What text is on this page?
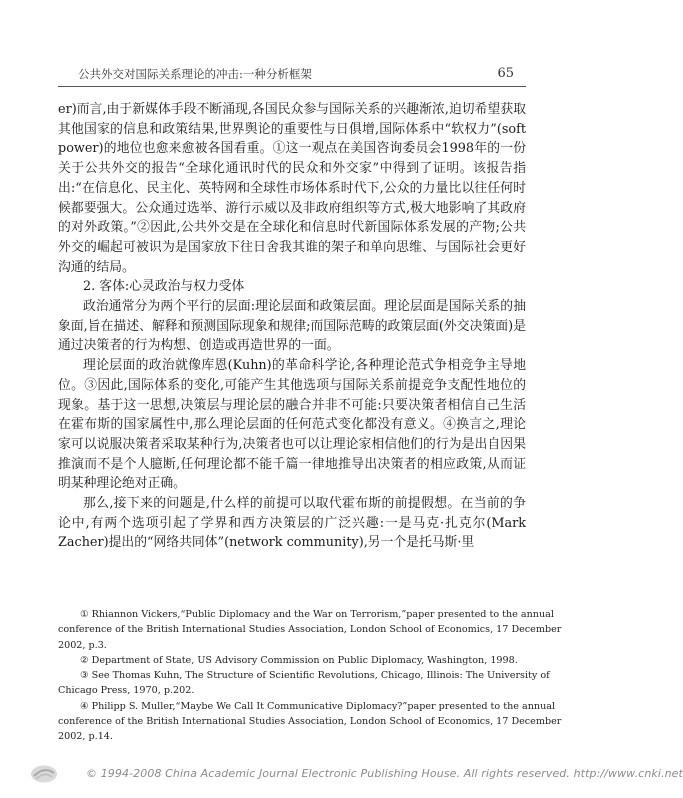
公共外交对国际关系理论的冲击:一种分析框架	65

er)而言,由于新媒体手段不断涌现,各国民众参与国际关系的兴趣渐浓,迫切希望获取其他国家的信息和政策结果,世界舆论的重要性与日俱增,国际体系中“软权力”(soft power)的地位也愈来愈被各国看重。①这一观点在美国咨询委员会1998年的一份关于公共外交的报告“全球化通讯时代的民众和外交家”中得到了证明。该报告指出:“在信息化、民主化、英特网和全球性市场体系时代下,公众的力量比以往任何时候都要强大。公众通过选举、游行示威以及非政府组织等方式,极大地影响了其政府的对外政策。”②因此,公共外交是在全球化和信息时代新国际体系发展的产物;公共外交的崛起可被识为是国家放下往日舍我其谁的架子和单向思维、与国际社会更好沟通的结局。

2. 客体:心灵政治与权力受体

政治通常分为两个平行的层面:理论层面和政策层面。理论层面是国际关系的抽象面,旨在描述、解释和预测国际现象和规律;而国际范畴的政策层面(外交决策面)是通过决策者的行为构想、创造或再造世界的一面。

理论层面的政治就像库恩(Kuhn)的革命科学论,各种理论范式争相竞争主导地位。③因此,国际体系的变化,可能产生其他选项与国际关系前提竞争支配性地位的现象。基于这一思想,决策层与理论层的融合并非不可能:只要决策者相信自己生活在霍布斯的国家属性中,那么理论层面的任何范式变化都没有意义。④换言之,理论家可以说服决策者采取某种行为,决策者也可以让理论家相信他们的行为是出自因果推演而不是个人臆断,任何理论都不能千篇一律地推导出决策者的相应政策,从而证明某种理论绝对正确。

那么,接下来的问题是,什么样的前提可以取代霍布斯的前提假想。在当前的争论中,有两个选项引起了学界和西方决策层的广泛兴趣:一是马克·扎克尔(Mark Zacher)提出的“网络共同体”(network community),另一个是托马斯·里

① Rhiannon Vickers,“Public Diplomacy and the War on Terrorism,”paper presented to the annual conference of the British International Studies Association, London School of Economics, 17 December 2002, p.3.

② Department of State, US Advisory Commission on Public Diplomacy, Washington, 1998.

③ See Thomas Kuhn, The Structure of Scientific Revolutions, Chicago, Illinois: The University of Chicago Press, 1970, p.202.

④ Philipp S. Muller,“Maybe We Call It Communicative Diplomacy?”paper presented to the annual conference of the British International Studies Association, London School of Economics, 17 December 2002, p.14.

© 1994-2008 China Academic Journal Electronic Publishing House. All rights reserved. http://www.cnki.net
